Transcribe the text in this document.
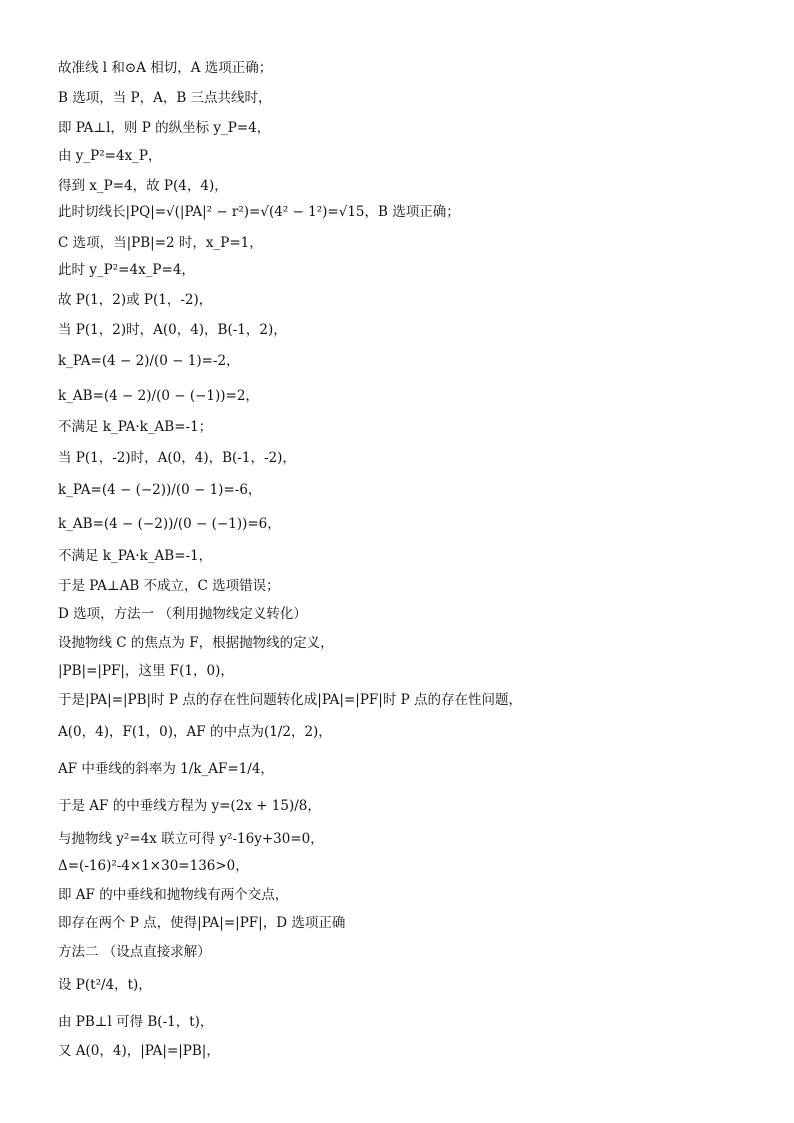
故准线 l 和⊙A 相切，A 选项正确；
B 选项，当 P，A，B 三点共线时，
即 PA⊥l，则 P 的纵坐标 y_P=4，
由 y_P²=4x_P，
得到 x_P=4，故 P(4，4)，
此时切线长|PQ|=√(|PA|² − r²)=√(4² − 1²)=√15，B 选项正确；
C 选项，当|PB|=2 时，x_P=1，
此时 y_P²=4x_P=4，
故 P(1，2)或 P(1，-2)，
当 P(1，2)时，A(0，4)，B(-1，2)，
k_PA=(4 − 2)/(0 − 1)=-2，
k_AB=(4 − 2)/(0 − (−1))=2，
不满足 k_PA·k_AB=-1；
当 P(1，-2)时，A(0，4)，B(-1，-2)，
k_PA=(4 − (−2))/(0 − 1)=-6，
k_AB=(4 − (−2))/(0 − (−1))=6，
不满足 k_PA·k_AB=-1，
于是 PA⊥AB 不成立，C 选项错误；
D 选项，方法一 （利用抛物线定义转化）
设抛物线 C 的焦点为 F，根据抛物线的定义，
|PB|=|PF|，这里 F(1，0)，
于是|PA|=|PB|时 P 点的存在性问题转化成|PA|=|PF|时 P 点的存在性问题，
A(0，4)，F(1，0)，AF 的中点为(1/2，2)，
AF 中垂线的斜率为 1/k_AF=1/4，
于是 AF 的中垂线方程为 y=(2x + 15)/8，
与抛物线 y²=4x 联立可得 y²-16y+30=0，
Δ=(-16)²-4×1×30=136>0，
即 AF 的中垂线和抛物线有两个交点，
即存在两个 P 点，使得|PA|=|PF|，D 选项正确
方法二 （设点直接求解）
设 P(t²/4，t)，
由 PB⊥l 可得 B(-1，t)，
又 A(0，4)，|PA|=|PB|，
